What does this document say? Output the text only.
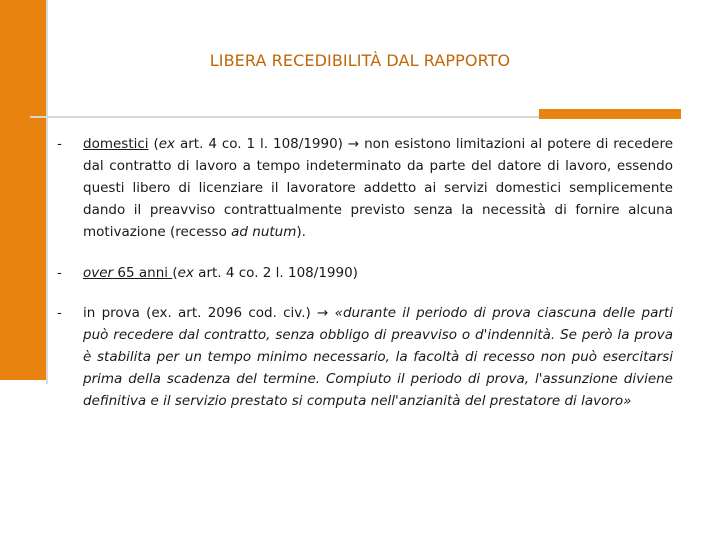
LIBERA RECEDIBILITÀ DAL RAPPORTO
- domestici (ex art. 4 co. 1 l. 108/1990) → non esistono limitazioni al potere di recedere dal contratto di lavoro a tempo indeterminato da parte del datore di lavoro, essendo questi libero di licenziare il lavoratore addetto ai servizi domestici semplicemente dando il preavviso contrattualmente previsto senza la necessità di fornire alcuna motivazione (recesso ad nutum).
- over 65 anni (ex art. 4 co. 2 l. 108/1990)
- in prova (ex. art. 2096 cod. civ.) → «durante il periodo di prova ciascuna delle parti può recedere dal contratto, senza obbligo di preavviso o d'indennità. Se però la prova è stabilita per un tempo minimo necessario, la facoltà di recesso non può esercitarsi prima della scadenza del termine. Compiuto il periodo di prova, l'assunzione diviene definitiva e il servizio prestato si computa nell'anzianità del prestatore di lavoro»
